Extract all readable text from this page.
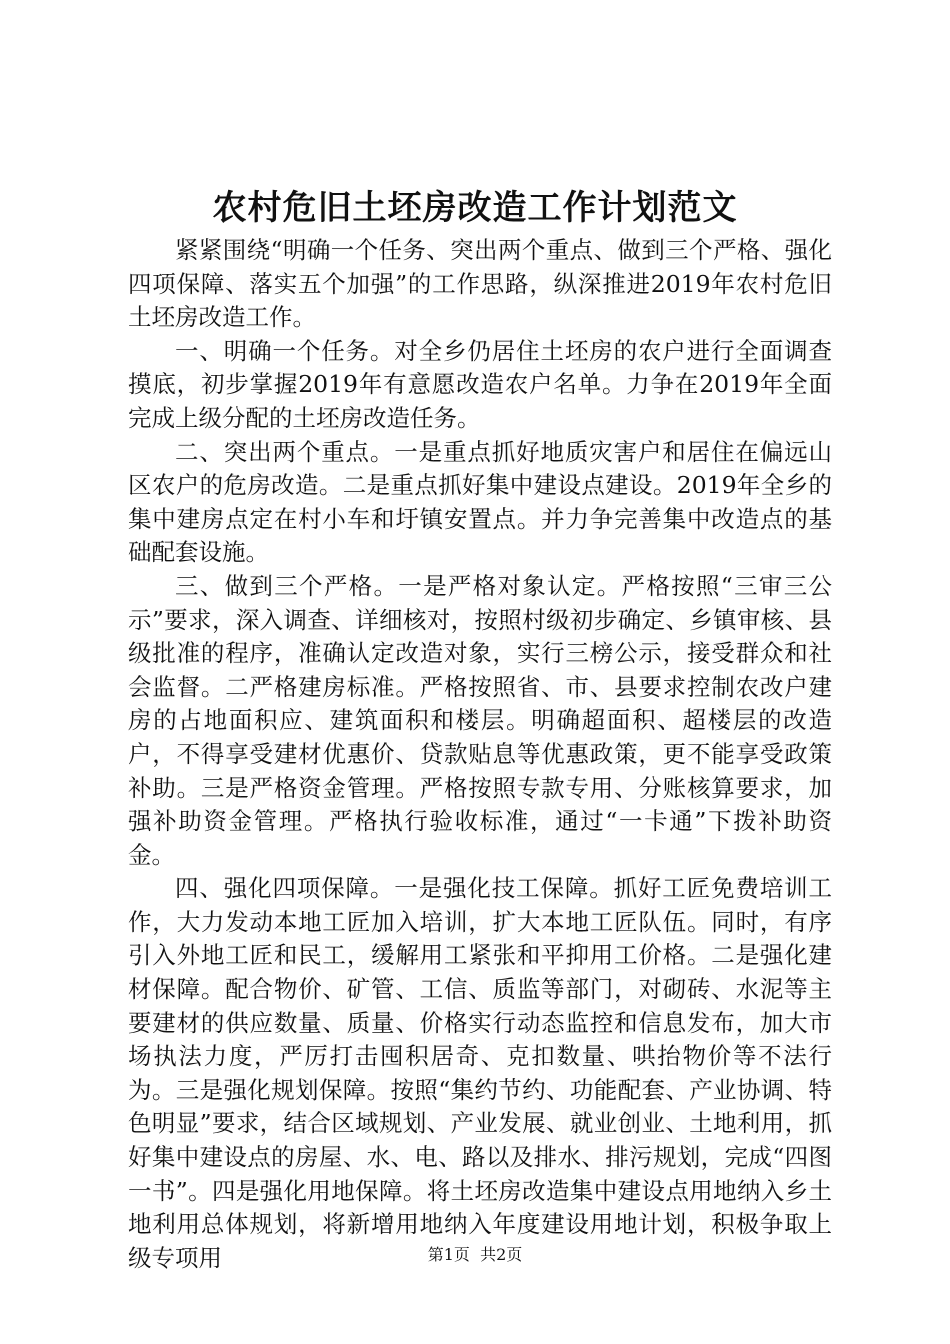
农村危旧土坯房改造工作计划范文

紧紧围绕“明确一个任务、突出两个重点、做到三个严格、强化四项保障、落实五个加强”的工作思路，纵深推进2019年农村危旧土坯房改造工作。

一、明确一个任务。对全乡仍居住土坯房的农户进行全面调查摸底，初步掌握2019年有意愿改造农户名单。力争在2019年全面完成上级分配的土坯房改造任务。

二、突出两个重点。一是重点抓好地质灾害户和居住在偏远山区农户的危房改造。二是重点抓好集中建设点建设。2019年全乡的集中建房点定在村小车和圩镇安置点。并力争完善集中改造点的基础配套设施。

三、做到三个严格。一是严格对象认定。严格按照“三审三公示”要求，深入调查、详细核对，按照村级初步确定、乡镇审核、县级批准的程序，准确认定改造对象，实行三榜公示，接受群众和社会监督。二严格建房标准。严格按照省、市、县要求控制农改户建房的占地面积应、建筑面积和楼层。明确超面积、超楼层的改造户，不得享受建材优惠价、贷款贴息等优惠政策，更不能享受政策补助。三是严格资金管理。严格按照专款专用、分账核算要求，加强补助资金管理。严格执行验收标准，通过“一卡通”下拨补助资金。

四、强化四项保障。一是强化技工保障。抓好工匠免费培训工作，大力发动本地工匠加入培训，扩大本地工匠队伍。同时，有序引入外地工匠和民工，缓解用工紧张和平抑用工价格。二是强化建材保障。配合物价、矿管、工信、质监等部门，对砌砖、水泥等主要建材的供应数量、质量、价格实行动态监控和信息发布，加大市场执法力度，严厉打击囤积居奇、克扣数量、哄抬物价等不法行为。三是强化规划保障。按照“集约节约、功能配套、产业协调、特色明显”要求，结合区域规划、产业发展、就业创业、土地利用，抓好集中建设点的房屋、水、电、路以及排水、排污规划，完成“四图一书”。四是强化用地保障。将土坯房改造集中建设点用地纳入乡土地利用总体规划，将新增用地纳入年度建设用地计划，积极争取上级专项用	第1页 共2页
